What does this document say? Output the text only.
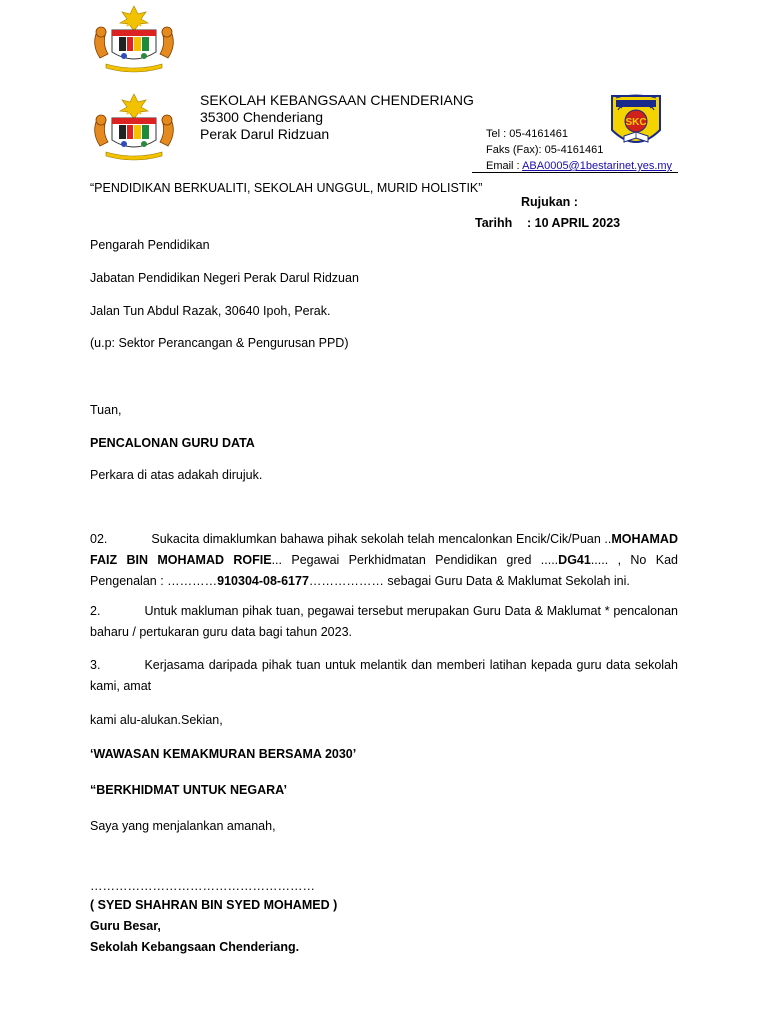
SEKOLAH KEBANGSAAN CHENDERIANG
35300 Chenderiang
Perak Darul Ridzuan	Tel : 05-4161461
Faks (Fax): 05-4161461
Email : ABA0005@1bestarinet.yes.my
SKC
“PENDIDIKAN BERKUALITI, SEKOLAH UNGGUL, MURID HOLISTIK”
Rujukan :
Tarihh : 10 APRIL 2023
Pengarah Pendidikan
Jabatan Pendidikan Negeri Perak Darul Ridzuan
Jalan Tun Abdul Razak, 30640 Ipoh, Perak.
(u.p: Sektor Perancangan & Pengurusan PPD)
Tuan,
PENCALONAN GURU DATA
Perkara di atas adakah dirujuk.
02.	Sukacita dimaklumkan bahawa pihak sekolah telah mencalonkan Encik/Cik/Puan ..MOHAMAD FAIZ BIN MOHAMAD ROFIE... Pegawai Perkhidmatan Pendidikan gred .....DG41..... , No Kad Pengenalan : …………910304-08-6177……………… sebagai Guru Data & Maklumat Sekolah ini.
2.	Untuk makluman pihak tuan, pegawai tersebut merupakan Guru Data & Maklumat * pencalonan baharu / pertukaran guru data bagi tahun 2023.
3.	Kerjasama daripada pihak tuan untuk melantik dan memberi latihan kepada guru data sekolah kami, amat
kami alu-alukan.Sekian,
‘WAWASAN KEMAKMURAN BERSAMA 2030’
“BERKHIDMAT UNTUK NEGARA’
Saya yang menjalankan amanah,
………………………………………………
( SYED SHAHRAN BIN SYED MOHAMED )
Guru Besar,
Sekolah Kebangsaan Chenderiang.
